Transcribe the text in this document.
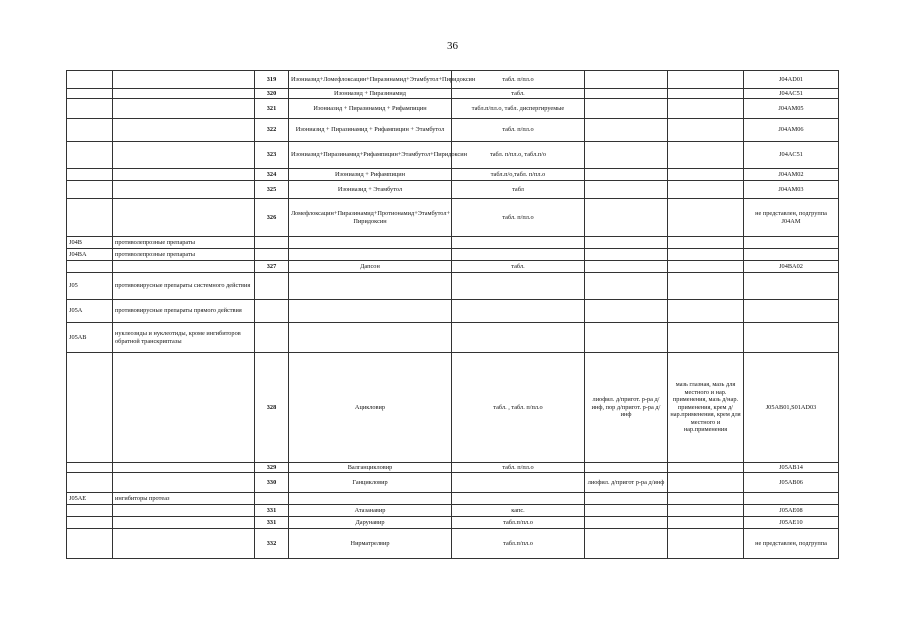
36
		319	Изониазид+Ломефлоксацин+Пиразинамид+Этамбутол+Пиридоксин	табл. п/пл.о			J04AD01
		320	Изониазид + Пиразинамид	табл.			J04AC51
		321	Изониазид + Пиразинамид + Рифампицин	табл.п/пл.о, табл. диспергируемые			J04AM05
		322	Изониазид + Пиразинамид + Рифампицин + Этамбутол	табл. п/пл.о			J04AM06
		323	Изониазид+Пиразинамид+Рифампицин+Этамбутол+Пиридоксин	табл. п/пл.о, табл.п/о			J04AC51
		324	Изониазид + Рифампицин	табл.п/о,табл. п/пл.о			J04AM02
		325	Изониазид + Этамбутол	табл			J04AM03
		326	Ломефлоксацин+Пиразинамид+Протионамид+Этамбутол+ Пиридоксин	табл. п/пл.о			не представлен, подгруппа J04AM
J04B	противолепрозные препараты						
J04BA	противолепрозные препараты						
		327	Дапсон	табл.			J04BA02
J05	противовирусные препараты системного действия						
J05A	противовирусные препараты прямого действия						
J05AB	нуклеозиды и нуклеотиды, кроме ингибиторов обратной транскриптазы						
		328	Ацикловир	табл. , табл. п/пл.о	лиофил. д/пригот. р-ра д/инф, пор д/пригот. р-ра д/инф	мазь глазная, мазь для местного и нар. применения, мазь д/нар. применения, крем д/нар.применения, крем для местного и нар.применения	J05AB01,S01AD03
		329	Валганцикловир	табл. п/пл.о			J05AB14
		330	Ганцикловир		лиофил. д/пригот р-ра д/инф		J05AB06
J05AE	ингибиторы протеаз						
		331	Атазанавир	капс.			J05AE08
		331	Дарунавир	табл.п/пл.о			J05AE10
		332	Нирматрелвир	табл.п/пл.о			не представлен, подгруппа
